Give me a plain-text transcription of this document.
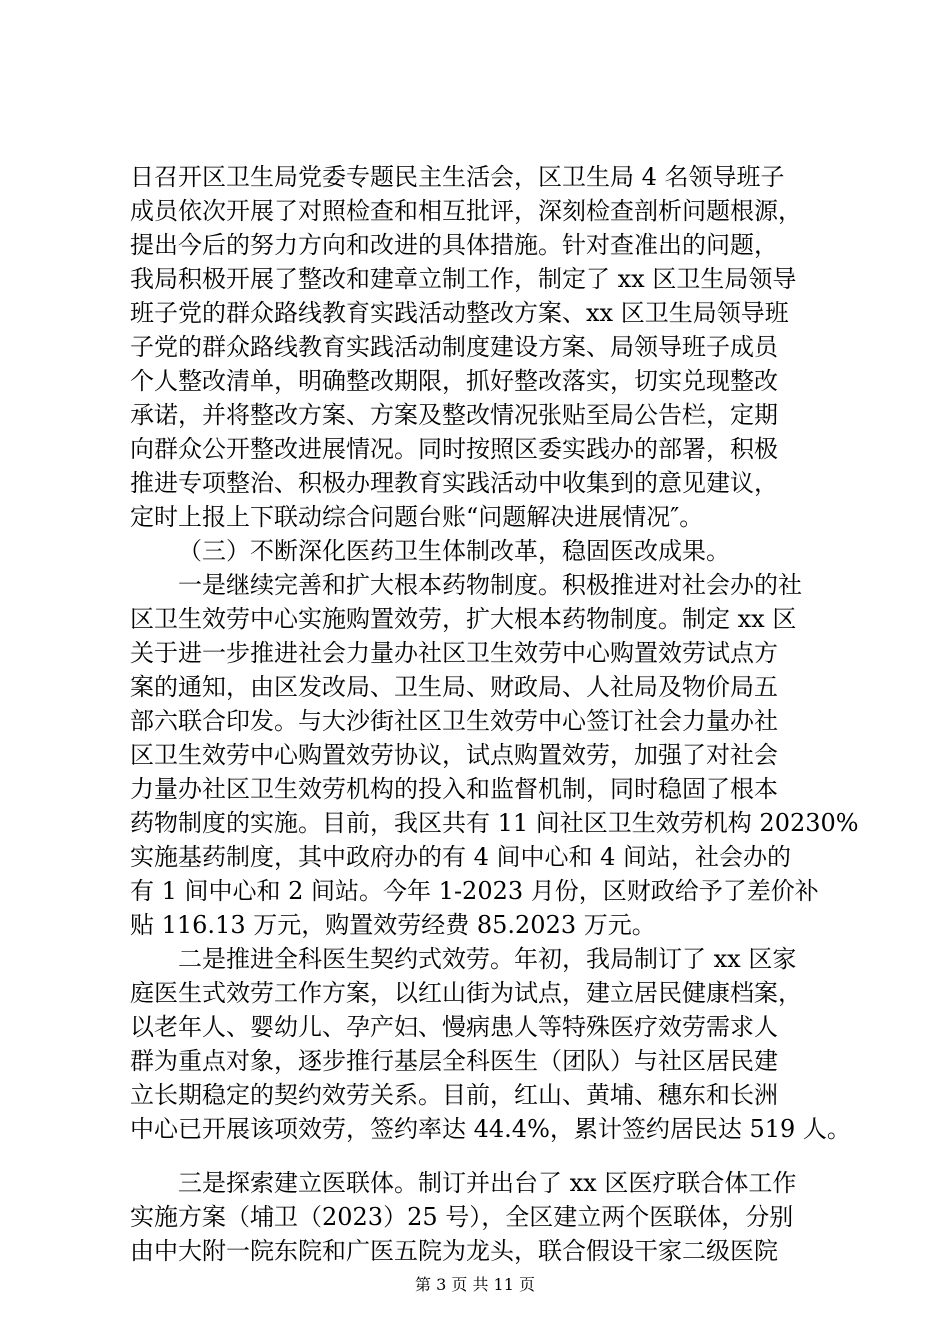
日召开区卫生局党委专题民主生活会，区卫生局 4 名领导班子
成员依次开展了对照检查和相互批评，深刻检查剖析问题根源，
提出今后的努力方向和改进的具体措施。针对查准出的问题，
我局积极开展了整改和建章立制工作，制定了 xx 区卫生局领导
班子党的群众路线教育实践活动整改方案、xx 区卫生局领导班
子党的群众路线教育实践活动制度建设方案、局领导班子成员
个人整改清单，明确整改期限，抓好整改落实，切实兑现整改
承诺，并将整改方案、方案及整改情况张贴至局公告栏，定期
向群众公开整改进展情况。同时按照区委实践办的部署，积极
推进专项整治、积极办理教育实践活动中收集到的意见建议，
定时上报上下联动综合问题台账“问题解决进展情况″。
（三）不断深化医药卫生体制改革，稳固医改成果。
一是继续完善和扩大根本药物制度。积极推进对社会办的社
区卫生效劳中心实施购置效劳，扩大根本药物制度。制定 xx 区
关于进一步推进社会力量办社区卫生效劳中心购置效劳试点方
案的通知，由区发改局、卫生局、财政局、人社局及物价局五
部六联合印发。与大沙街社区卫生效劳中心签订社会力量办社
区卫生效劳中心购置效劳协议，试点购置效劳，加强了对社会
力量办社区卫生效劳机构的投入和监督机制，同时稳固了根本
药物制度的实施。目前，我区共有 11 间社区卫生效劳机构 20230%
实施基药制度，其中政府办的有 4 间中心和 4 间站，社会办的
有 1 间中心和 2 间站。今年 1-2023 月份，区财政给予了差价补
贴 116.13 万元，购置效劳经费 85.2023 万元。
二是推进全科医生契约式效劳。年初，我局制订了 xx 区家
庭医生式效劳工作方案，以红山街为试点，建立居民健康档案，
以老年人、婴幼儿、孕产妇、慢病患人等特殊医疗效劳需求人
群为重点对象，逐步推行基层全科医生（团队）与社区居民建
立长期稳定的契约效劳关系。目前，红山、黄埔、穗东和长洲
中心已开展该项效劳，签约率达 44.4%，累计签约居民达 519 人。
三是探索建立医联体。制订并出台了 xx 区医疗联合体工作
实施方案（埔卫（2023）25 号），全区建立两个医联体，分别
由中大附一院东院和广医五院为龙头，联合假设干家二级医院
第 3 页 共 11 页
